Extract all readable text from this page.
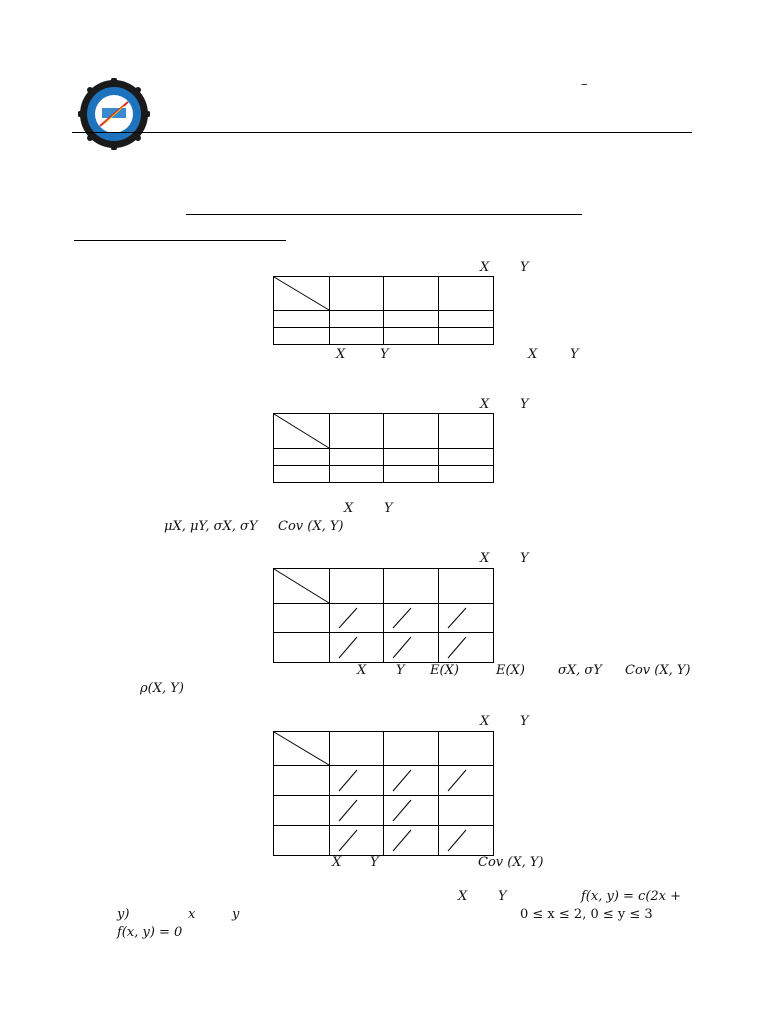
–
X Y
X	Y	X	Y
X Y
X Y
μX, μY, σX, σY Cov (X, Y)
X Y
X Y E(X)	E(X)	σX, σY Cov (X, Y)
ρ(X, Y)
X Y
X Y	Cov (X, Y)
X Y	f(x, y) = c(2x +
y)	x	y	0 ≤ x ≤ 2, 0 ≤ y ≤ 3
f(x, y) = 0
